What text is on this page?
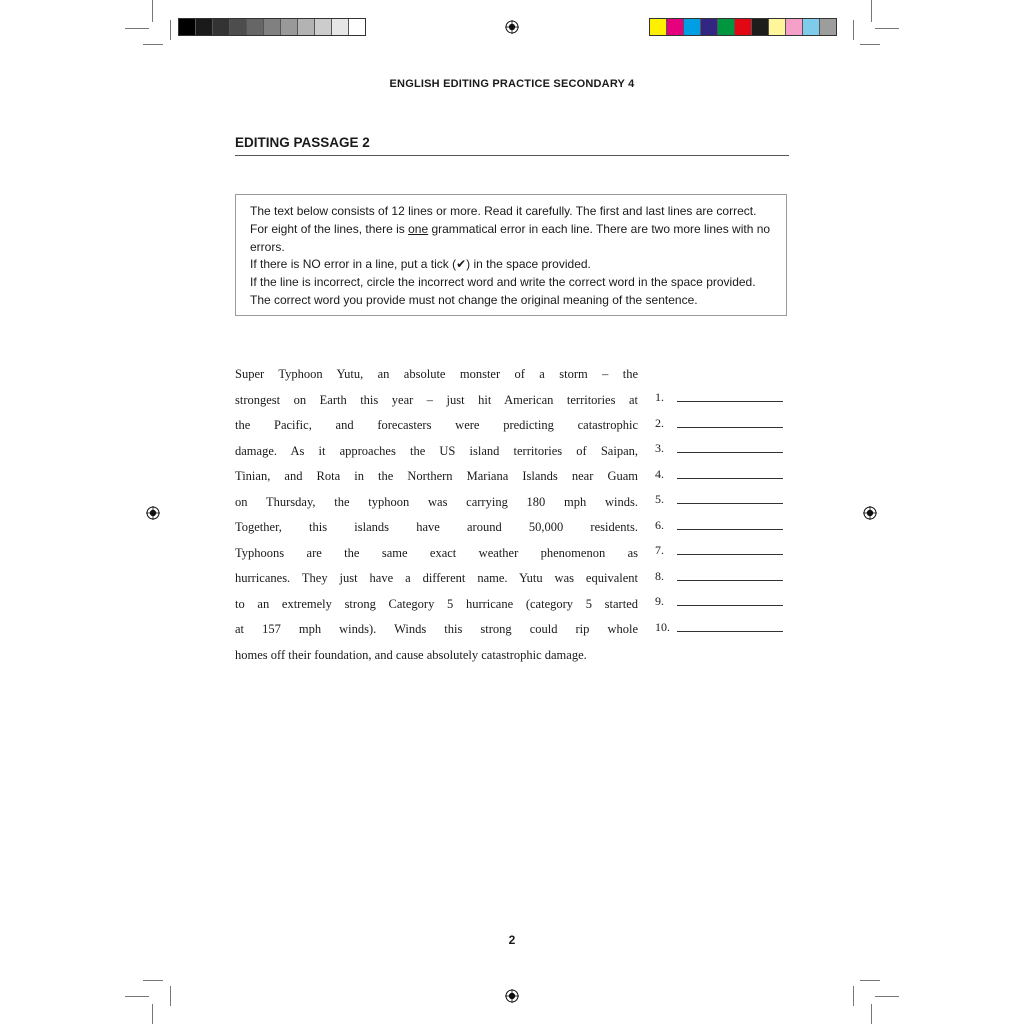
ENGLISH EDITING PRACTICE SECONDARY 4
EDITING PASSAGE 2

The text below consists of 12 lines or more. Read it carefully. The first and last lines are correct.

For eight of the lines, there is one grammatical error in each line. There are two more lines with no errors.

If there is NO error in a line, put a tick (✔) in the space provided.

If the line is incorrect, circle the incorrect word and write the correct word in the space provided.

The correct word you provide must not change the original meaning of the sentence.

Super Typhoon Yutu, an absolute monster of a storm – the
strongest on Earth this year – just hit American territories at
the Pacific, and forecasters were predicting catastrophic
damage. As it approaches the US island territories of Saipan,
Tinian, and Rota in the Northern Mariana Islands near Guam
on Thursday, the typhoon was carrying 180 mph winds.
Together, this islands have around 50,000 residents.
Typhoons are the same exact weather phenomenon as
hurricanes. They just have a different name. Yutu was equivalent
to an extremely strong Category 5 hurricane (category 5 started
at 157 mph winds). Winds this strong could rip whole
homes off their foundation, and cause absolutely catastrophic damage.
1.
2.
3.
4.
5.
6.
7.
8.
9.
10.
2
